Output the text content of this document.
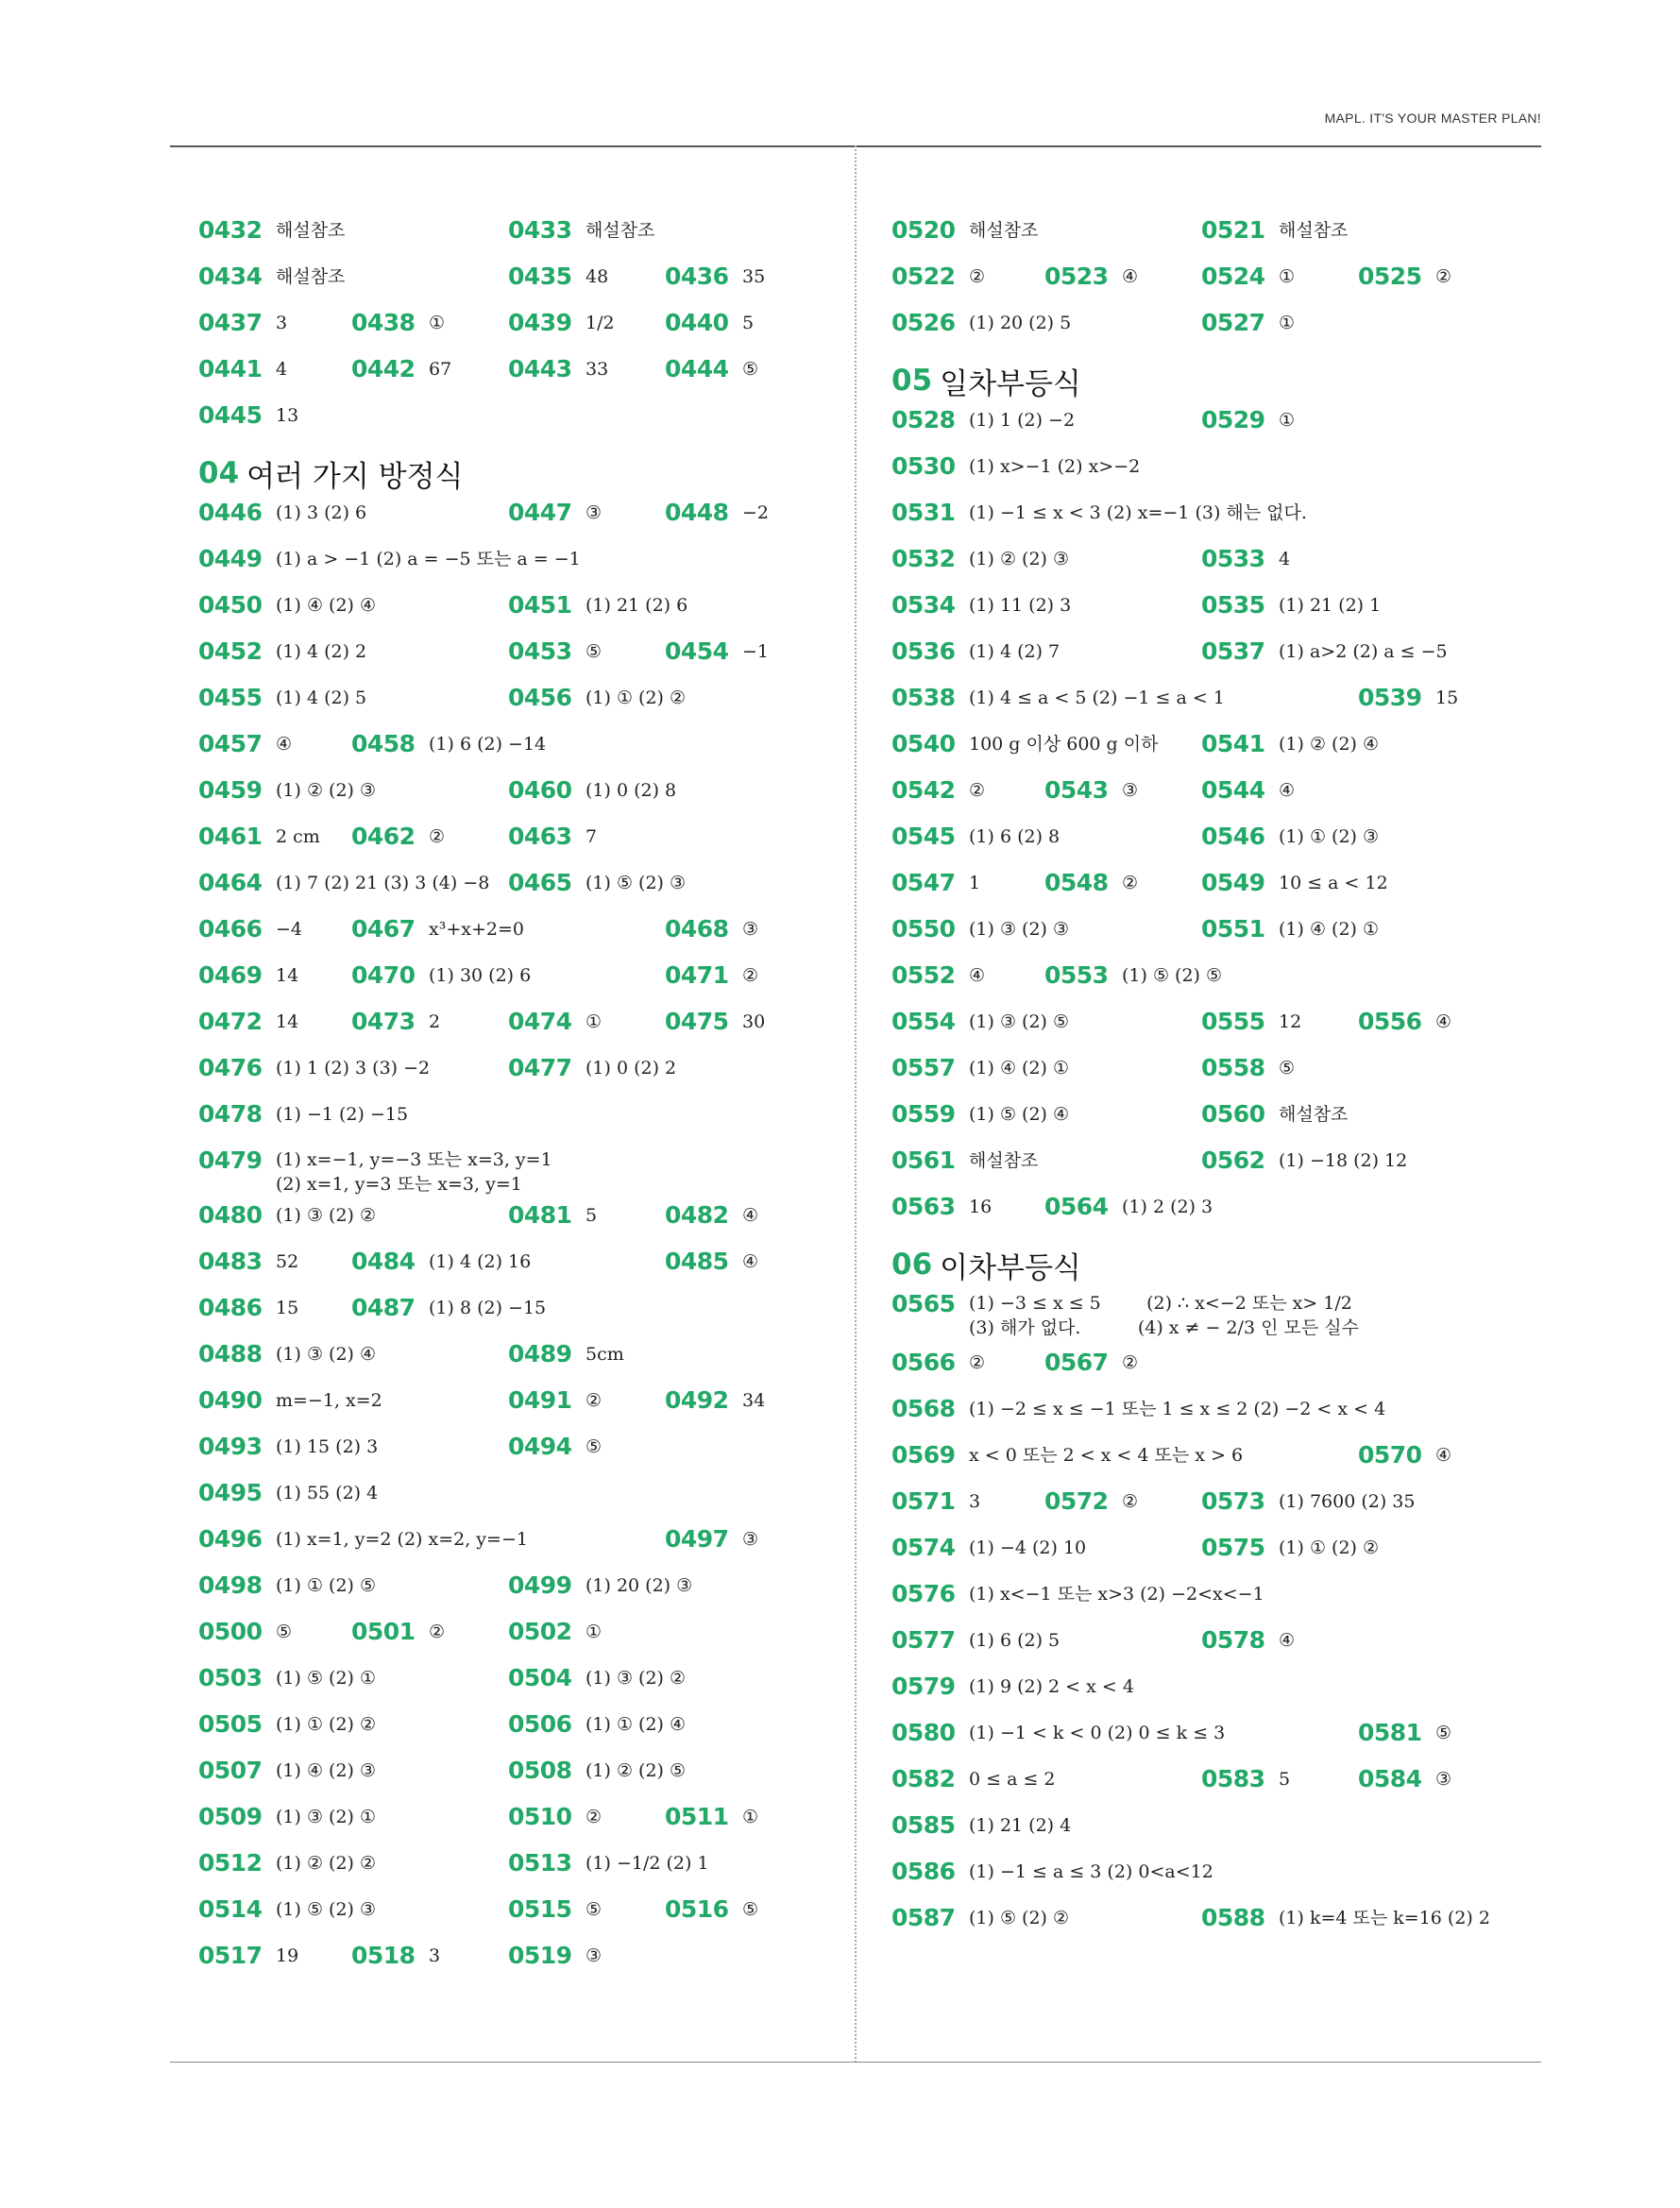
MAPL. IT'S YOUR MASTER PLAN!
0432 해설참조	0433 해설참조
0434 해설참조	0435 48 0436 35
0437 3	0438 ①	0439 1/2 0440 5
0441 4	0442 67 0443 33 0444 ⑤
0445 13
04 여러 가지 방정식
0446 (1) 3 (2) 6	0447 ③	0448 −2
0449 (1) a > −1 (2) a = −5 또는 a = −1
0450 (1) ④ (2) ④	0451 (1) 21 (2) 6
0452 (1) 4 (2) 2	0453 ⑤	0454 −1
0455 (1) 4 (2) 5	0456 (1) ① (2) ②
0457 ④	0458 (1) 6 (2) −14
0459 (1) ② (2) ③	0460 (1) 0 (2) 8
0461 2 cm 0462 ②	0463 7
0464 (1) 7 (2) 21 (3) 3 (4) −8 0465 (1) ⑤ (2) ③
0466 −4 0467 x³+x+2=0	0468 ③
0469 14 0470 (1) 30 (2) 6	0471 ②
0472 14 0473 2	0474 ①	0475 30
0476 (1) 1 (2) 3 (3) −2	0477 (1) 0 (2) 2
0478 (1) −1 (2) −15
0479 (1) x=−1, y=−3 또는 x=3, y=1
(2) x=1, y=3 또는 x=3, y=1
0480 (1) ③ (2) ②	0481 5	0482 ④
0483 52 0484 (1) 4 (2) 16	0485 ④
0486 15 0487 (1) 8 (2) −15
0488 (1) ③ (2) ④	0489 5cm
0490 m=−1, x=2	0491 ②	0492 34
0493 (1) 15 (2) 3	0494 ⑤
0495 (1) 55 (2) 4
0496 (1) x=1, y=2 (2) x=2, y=−1	0497 ③
0498 (1) ① (2) ⑤	0499 (1) 20 (2) ③
0500 ⑤	0501 ②	0502 ①
0503 (1) ⑤ (2) ①	0504 (1) ③ (2) ②
0505 (1) ① (2) ②	0506 (1) ① (2) ④
0507 (1) ④ (2) ③	0508 (1) ② (2) ⑤
0509 (1) ③ (2) ①	0510 ②	0511 ①
0512 (1) ② (2) ②	0513 (1) −1/2 (2) 1
0514 (1) ⑤ (2) ③	0515 ⑤	0516 ⑤
0517 19 0518 3	0519 ③
0520 해설참조	0521 해설참조
0522 ②	0523 ④	0524 ①	0525 ②
0526 (1) 20 (2) 5	0527 ①
05 일차부등식
0528 (1) 1 (2) −2	0529 ①
0530 (1) x>−1 (2) x>−2
0531 (1) −1 ≤ x < 3 (2) x=−1 (3) 해는 없다.
0532 (1) ② (2) ③	0533 4
0534 (1) 11 (2) 3	0535 (1) 21 (2) 1
0536 (1) 4 (2) 7	0537 (1) a>2 (2) a ≤ −5
0538 (1) 4 ≤ a < 5 (2) −1 ≤ a < 1	0539 15
0540 100 g 이상 600 g 이하 0541 (1) ② (2) ④
0542 ②	0543 ③	0544 ④
0545 (1) 6 (2) 8	0546 (1) ① (2) ③
0547 1	0548 ②	0549 10 ≤ a < 12
0550 (1) ③ (2) ③	0551 (1) ④ (2) ①
0552 ④	0553 (1) ⑤ (2) ⑤
0554 (1) ③ (2) ⑤	0555 12 0556 ④
0557 (1) ④ (2) ①	0558 ⑤
0559 (1) ⑤ (2) ④	0560 해설참조
0561 해설참조	0562 (1) −18 (2) 12
0563 16 0564 (1) 2 (2) 3
06 이차부등식
0565 (1) −3 ≤ x ≤ 5        (2) ∴ x<−2 또는 x> 1/2
(3) 해가 없다.          (4) x ≠ − 2/3 인 모든 실수
0566 ②	0567 ②
0568 (1) −2 ≤ x ≤ −1 또는 1 ≤ x ≤ 2 (2) −2 < x < 4
0569 x < 0 또는 2 < x < 4 또는 x > 6	0570 ④
0571 3	0572 ②	0573 (1) 7600 (2) 35
0574 (1) −4 (2) 10	0575 (1) ① (2) ②
0576 (1) x<−1 또는 x>3 (2) −2<x<−1
0577 (1) 6 (2) 5	0578 ④
0579 (1) 9 (2) 2 < x < 4
0580 (1) −1 < k < 0 (2) 0 ≤ k ≤ 3	0581 ⑤
0582 0 ≤ a ≤ 2	0583 5	0584 ③
0585 (1) 21 (2) 4
0586 (1) −1 ≤ a ≤ 3 (2) 0<a<12
0587 (1) ⑤ (2) ②	0588 (1) k=4 또는 k=16 (2) 2
